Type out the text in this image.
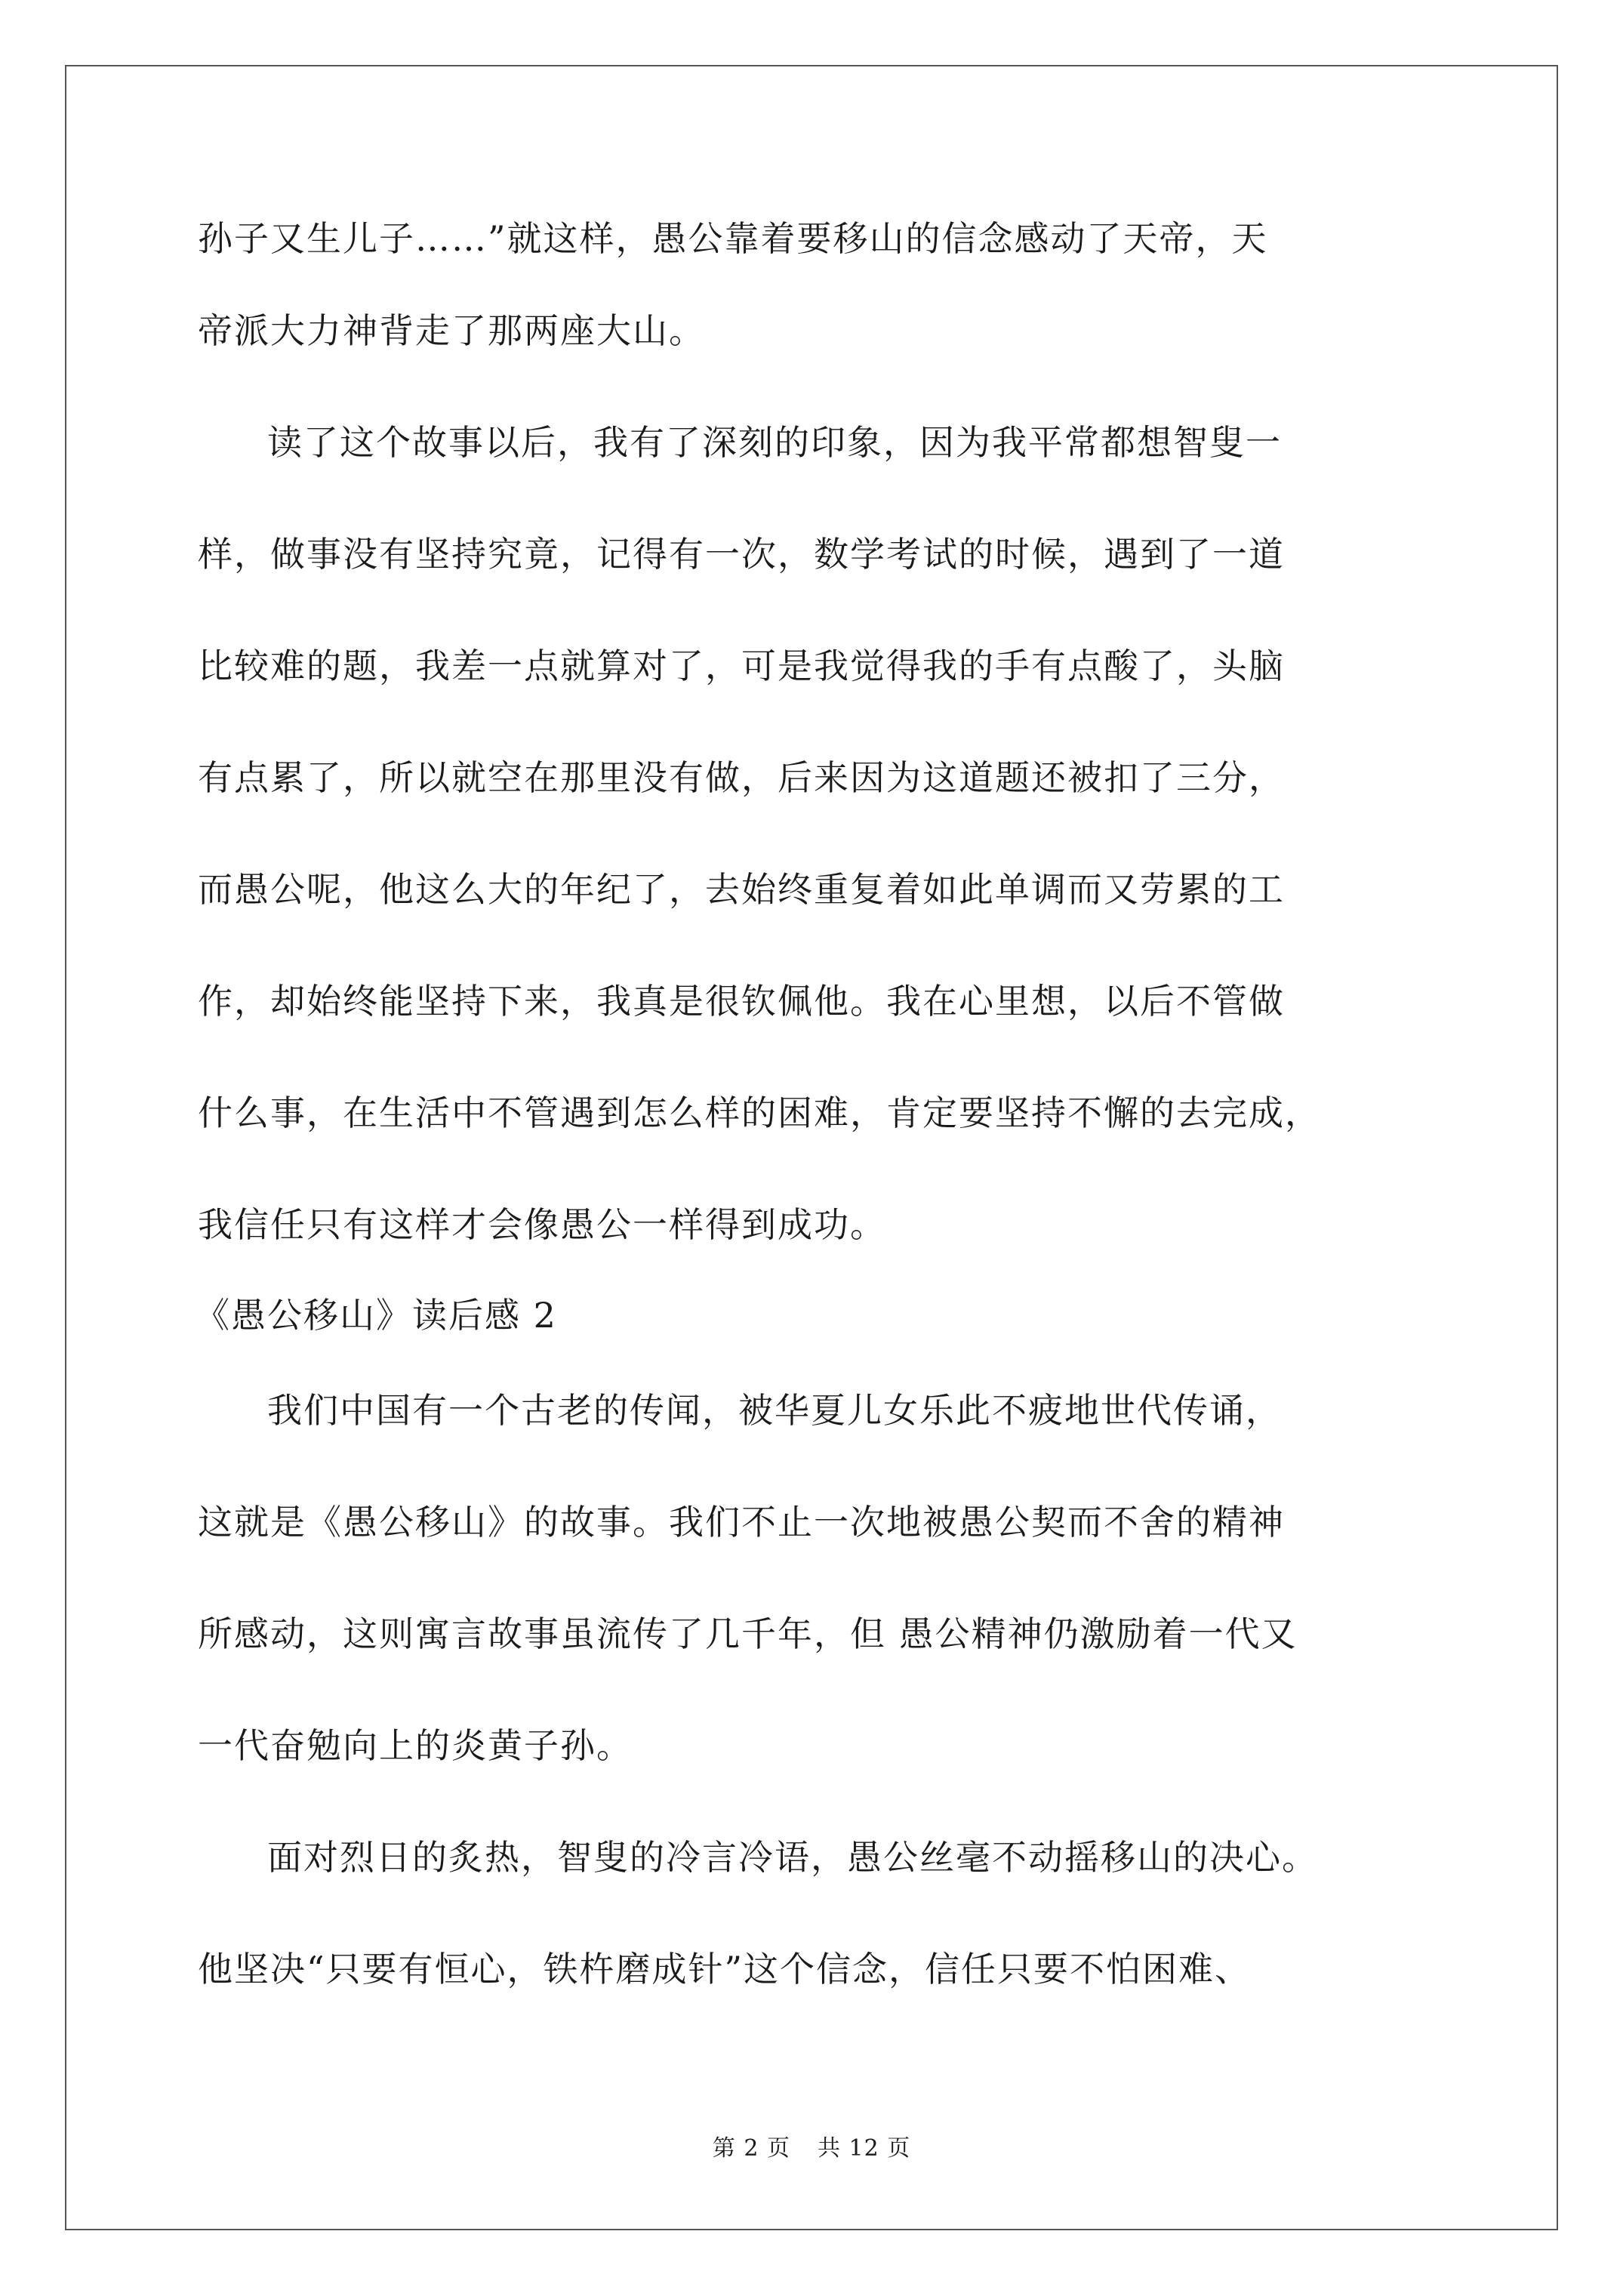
孙子又生儿子……”就这样，愚公靠着要移山的信念感动了天帝，天
帝派大力神背走了那两座大山。
读了这个故事以后，我有了深刻的印象，因为我平常都想智叟一
样，做事没有坚持究竟，记得有一次，数学考试的时候，遇到了一道
比较难的题，我差一点就算对了，可是我觉得我的手有点酸了，头脑
有点累了，所以就空在那里没有做，后来因为这道题还被扣了三分，
而愚公呢，他这么大的年纪了，去始终重复着如此单调而又劳累的工
作，却始终能坚持下来，我真是很钦佩他。我在心里想，以后不管做
什么事，在生活中不管遇到怎么样的困难，肯定要坚持不懈的去完成，
我信任只有这样才会像愚公一样得到成功。
《愚公移山》读后感 2
我们中国有一个古老的传闻，被华夏儿女乐此不疲地世代传诵，
这就是《愚公移山》的故事。我们不止一次地被愚公契而不舍的精神
所感动，这则寓言故事虽流传了几千年，但 愚公精神仍激励着一代又
一代奋勉向上的炎黄子孙。
面对烈日的炙热，智叟的冷言冷语，愚公丝毫不动摇移山的决心。
他坚决“只要有恒心，铁杵磨成针”这个信念，信任只要不怕困难、
第 2 页 共 12 页
